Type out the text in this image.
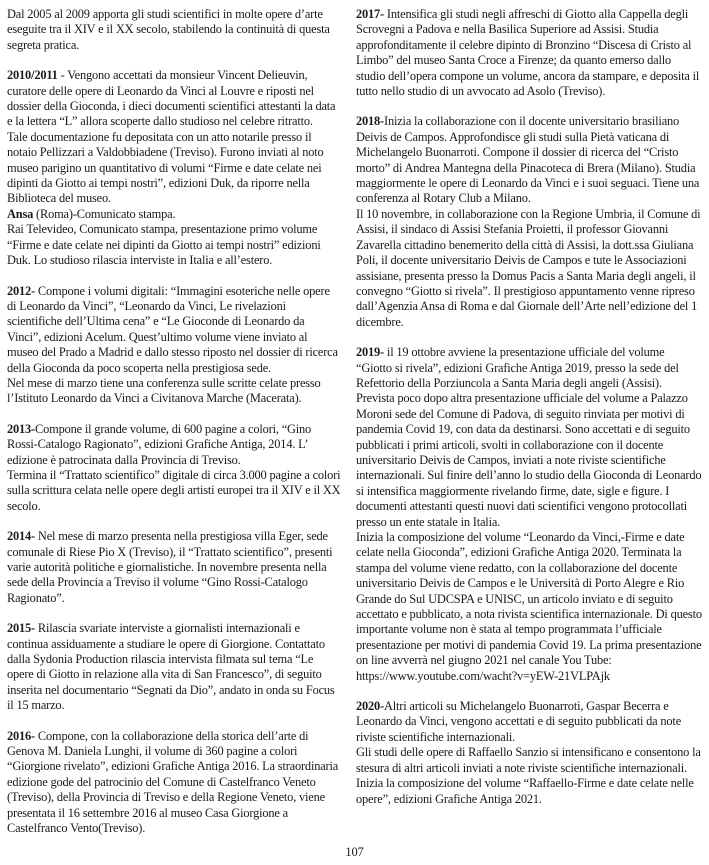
Dal 2005 al 2009 apporta gli studi scientifici in molte opere d’arte eseguite tra il XIV e il XX secolo, stabilendo la continuità di questa segreta pratica.

2010/2011 - Vengono accettati da monsieur Vincent Delieuvin, curatore delle opere di Leonardo da Vinci al Louvre e riposti nel dossier della Gioconda, i dieci documenti scientifici attestanti la data e la lettera “L” allora scoperte dallo studioso nel celebre ritratto.

Tale documentazione fu depositata con un atto notarile presso il notaio Pellizzari a Valdobbiadene (Treviso). Furono inviati al noto museo parigino un quantitativo di volumi “Firme e date celate nei dipinti da Giotto ai tempi nostri”, edizioni Duk, da riporre nella Biblioteca del museo.

Ansa (Roma)-Comunicato stampa.

Rai Televideo, Comunicato stampa, presentazione primo volume “Firme e date celate nei dipinti da Giotto ai tempi nostri” edizioni Duk. Lo studioso rilascia interviste in Italia e all’estero.

2012- Compone i volumi digitali: “Immagini esoteriche nelle opere di Leonardo da Vinci”, “Leonardo da Vinci, Le rivelazioni scientifiche dell’Ultima cena” e “Le Gioconde di Leonardo da Vinci”, edizioni Acelum. Quest’ultimo volume viene inviato al museo del Prado a Madrid e dallo stesso riposto nel dossier di ricerca della Gioconda da poco scoperta nella prestigiosa sede.

Nel mese di marzo tiene una conferenza sulle scritte celate presso l’Istituto Leonardo da Vinci a Civitanova Marche (Macerata).

2013-Compone il grande volume, di 600 pagine a colori, “Gino Rossi-Catalogo Ragionato”, edizioni Grafiche Antiga, 2014. L’ edizione è patrocinata dalla Provincia di Treviso.

Termina il “Trattato scientifico” digitale di circa 3.000 pagine a colori sulla scrittura celata nelle opere degli artisti europei tra il XIV e il XX secolo.

2014- Nel mese di marzo presenta nella prestigiosa villa Eger, sede comunale di Riese Pio X (Treviso), il “Trattato scientifico”, presenti varie autorità politiche e giornalistiche. In novembre presenta nella sede della Provincia a Treviso il volume “Gino Rossi-Catalogo Ragionato”.

2015- Rilascia svariate interviste a giornalisti internazionali e continua assiduamente a studiare le opere di Giorgione. Contattato dalla Sydonia Production rilascia intervista filmata sul tema “Le opere di Giotto in relazione alla vita di San Francesco”, di seguito inserita nel documentario “Segnati da Dio”, andato in onda su Focus il 15 marzo.

2016- Compone, con la collaborazione della storica dell’arte di Genova M. Daniela Lunghi, il volume di 360 pagine a colori “Giorgione rivelato”, edizioni Grafiche Antiga 2016. La straordinaria edizione gode del patrocinio del Comune di Castelfranco Veneto (Treviso), della Provincia di Treviso e della Regione Veneto, viene presentata il 16 settembre 2016 al museo Casa Giorgione a Castelfranco Vento(Treviso).

2017- Intensifica gli studi negli affreschi di Giotto alla Cappella degli Scrovegni a Padova e nella Basilica Superiore ad Assisi. Studia approfonditamente il celebre dipinto di Bronzino “Discesa di Cristo al Limbo” del museo Santa Croce a Firenze; da quanto emerso dallo studio dell’opera compone un volume, ancora da stampare, e deposita il tutto nello studio di un avvocato ad Asolo (Treviso).

2018-Inizia la collaborazione con il docente universitario brasiliano Deivis de Campos. Approfondisce gli studi sulla Pietà vaticana di Michelangelo Buonarroti. Compone il dossier di ricerca del “Cristo morto” di Andrea Mantegna della Pinacoteca di Brera (Milano). Studia maggiormente le opere di Leonardo da Vinci e i suoi seguaci. Tiene una conferenza al Rotary Club a Milano.

Il 10 novembre, in collaborazione con la Regione Umbria, il Comune di Assisi, il sindaco di Assisi Stefania Proietti, il professor Giovanni Zavarella cittadino benemerito della città di Assisi, la dott.ssa Giuliana Poli, il docente universitario Deivis de Campos e tute le Associazioni assisiane, presenta presso la Domus Pacis a Santa Maria degli angeli, il convegno “Giotto si rivela”. Il prestigioso appuntamento venne ripreso dall’Agenzia Ansa di Roma e dal Giornale dell’Arte nell’edizione del 1 dicembre.

2019- il 19 ottobre avviene la presentazione ufficiale del volume “Giotto si rivela”, edizioni Grafiche Antiga 2019, presso la sede del Refettorio della Porziuncola a Santa Maria degli angeli (Assisi). Prevista poco dopo altra presentazione ufficiale del volume a Palazzo Moroni sede del Comune di Padova, di seguito rinviata per motivi di pandemia Covid 19, con data da destinarsi. Sono accettati e di seguito pubblicati i primi articoli, svolti in collaborazione con il docente universitario Deivis de Campos, inviati a note riviste scientifiche internazionali. Sul finire dell’anno lo studio della Gioconda di Leonardo si intensifica maggiormente rivelando firme, date, sigle e figure. I documenti attestanti questi nuovi dati scientifici vengono protocollati presso un ente statale in Italia.

Inizia la composizione del volume “Leonardo da Vinci,-Firme e date celate nella Gioconda”, edizioni Grafiche Antiga 2020. Terminata la stampa del volume viene redatto, con la collaborazione del docente universitario Deivis de Campos e le Università di Porto Alegre e Rio Grande do Sul UDCSPA e UNISC, un articolo inviato e di seguito accettato e pubblicato, a nota rivista scientifica internazionale. Di questo importante volume non è stata al tempo programmata l’ufficiale presentazione per motivi di pandemia Covid 19. La prima presentazione on line avverrà nel giugno 2021 nel canale You Tube: https://www.youtube.com/wacht?v=yEW-21VLPAjk

2020-Altri articoli su Michelangelo Buonarroti, Gaspar Becerra e Leonardo da Vinci, vengono accettati e di seguito pubblicati da note riviste scientifiche internazionali.

Gli studi delle opere di Raffaello Sanzio si intensificano e consentono la stesura di altri articoli inviati a note riviste scientifiche internazionali.

Inizia la composizione del volume “Raffaello-Firme e date celate nelle opere”, edizioni Grafiche Antiga 2021.

107
